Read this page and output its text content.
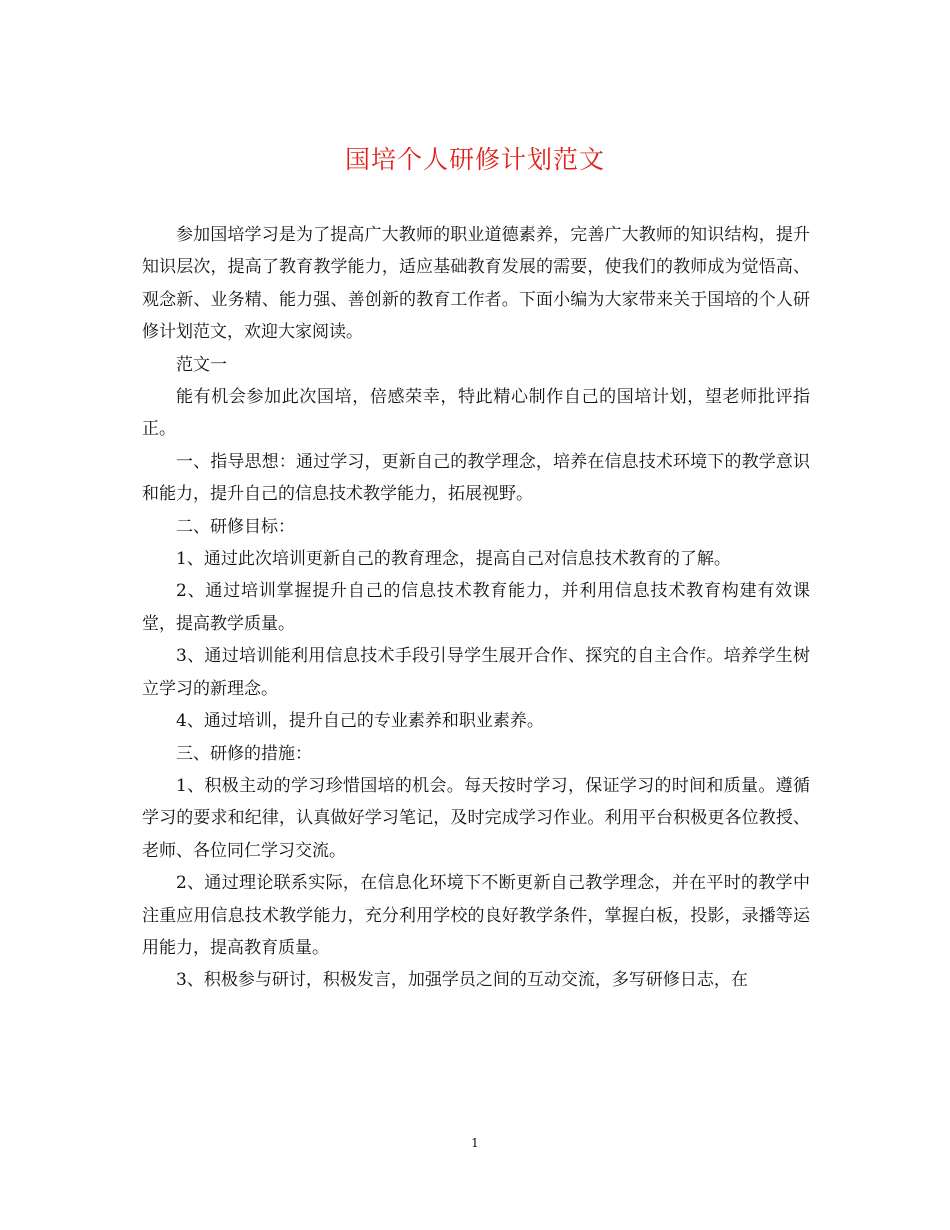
国培个人研修计划范文

参加国培学习是为了提高广大教师的职业道德素养，完善广大教师的知识结构，提升知识层次，提高了教育教学能力，适应基础教育发展的需要，使我们的教师成为觉悟高、观念新、业务精、能力强、善创新的教育工作者。下面小编为大家带来关于国培的个人研修计划范文，欢迎大家阅读。

范文一

能有机会参加此次国培，倍感荣幸，特此精心制作自己的国培计划，望老师批评指正。

一、指导思想：通过学习，更新自己的教学理念，培养在信息技术环境下的教学意识和能力，提升自己的信息技术教学能力，拓展视野。

二、研修目标：

1、通过此次培训更新自己的教育理念，提高自己对信息技术教育的了解。

2、通过培训掌握提升自己的信息技术教育能力，并利用信息技术教育构建有效课堂，提高教学质量。

3、通过培训能利用信息技术手段引导学生展开合作、探究的自主合作。培养学生树立学习的新理念。

4、通过培训，提升自己的专业素养和职业素养。

三、研修的措施：

1、积极主动的学习珍惜国培的机会。每天按时学习，保证学习的时间和质量。遵循学习的要求和纪律，认真做好学习笔记，及时完成学习作业。利用平台积极更各位教授、老师、各位同仁学习交流。

2、通过理论联系实际，在信息化环境下不断更新自己教学理念，并在平时的教学中注重应用信息技术教学能力，充分利用学校的良好教学条件，掌握白板，投影，录播等运用能力，提高教育质量。

3、积极参与研讨，积极发言，加强学员之间的互动交流，多写研修日志，在

1
